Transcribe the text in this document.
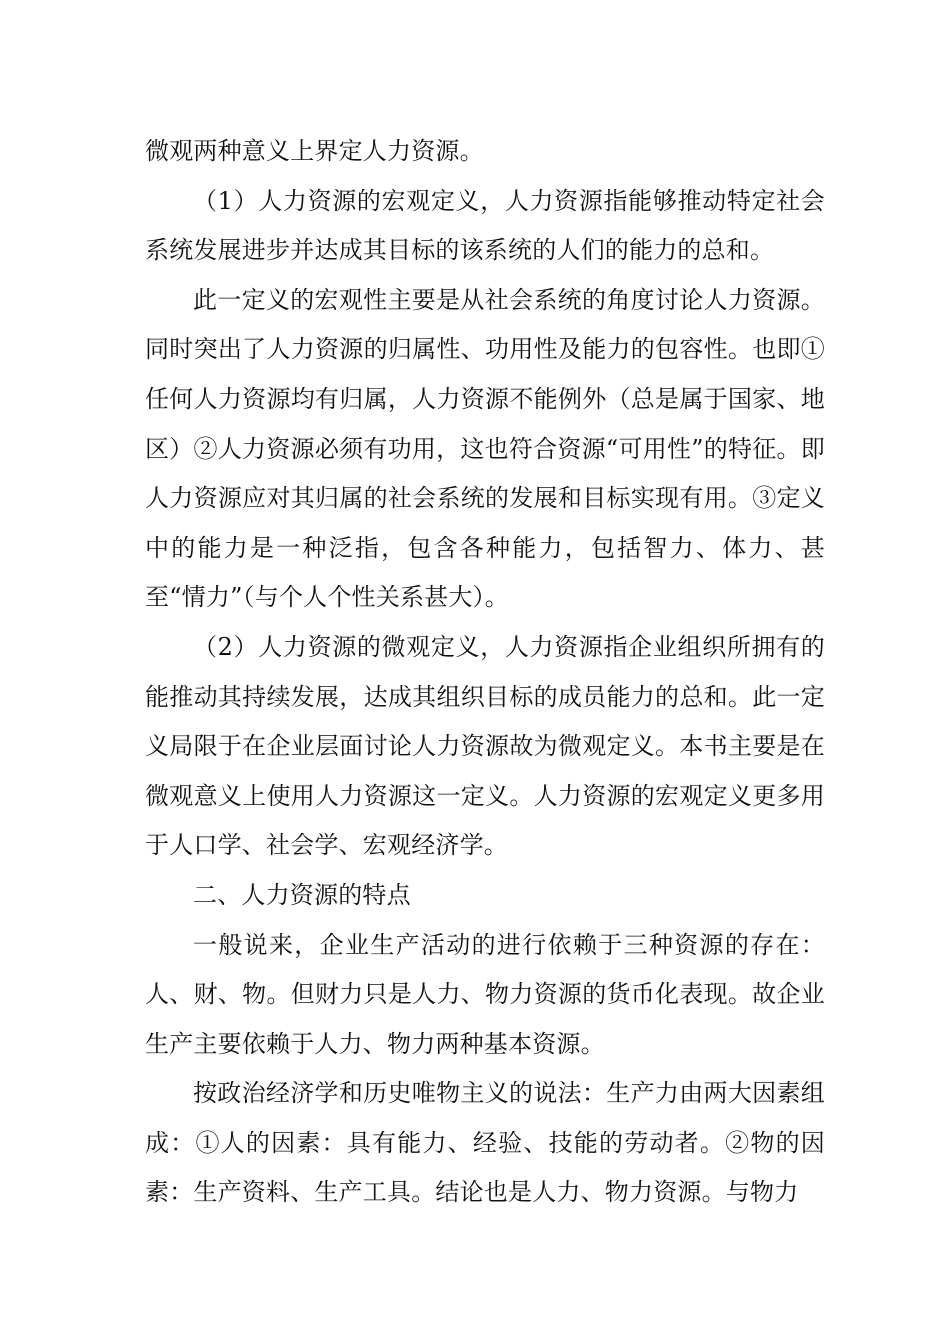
微观两种意义上界定人力资源。

（1）人力资源的宏观定义，人力资源指能够推动特定社会系统发展进步并达成其目标的该系统的人们的能力的总和。

此一定义的宏观性主要是从社会系统的角度讨论人力资源。同时突出了人力资源的归属性、功用性及能力的包容性。也即①任何人力资源均有归属，人力资源不能例外（总是属于国家、地区）②人力资源必须有功用，这也符合资源“可用性”的特征。即人力资源应对其归属的社会系统的发展和目标实现有用。③定义中的能力是一种泛指，包含各种能力，包括智力、体力、甚至“情力”（与个人个性关系甚大）。

（2）人力资源的微观定义，人力资源指企业组织所拥有的能推动其持续发展，达成其组织目标的成员能力的总和。此一定义局限于在企业层面讨论人力资源故为微观定义。本书主要是在微观意义上使用人力资源这一定义。人力资源的宏观定义更多用于人口学、社会学、宏观经济学。

二、人力资源的特点

一般说来，企业生产活动的进行依赖于三种资源的存在：人、财、物。但财力只是人力、物力资源的货币化表现。故企业生产主要依赖于人力、物力两种基本资源。

按政治经济学和历史唯物主义的说法：生产力由两大因素组成：①人的因素：具有能力、经验、技能的劳动者。②物的因素：生产资料、生产工具。结论也是人力、物力资源。与物力
